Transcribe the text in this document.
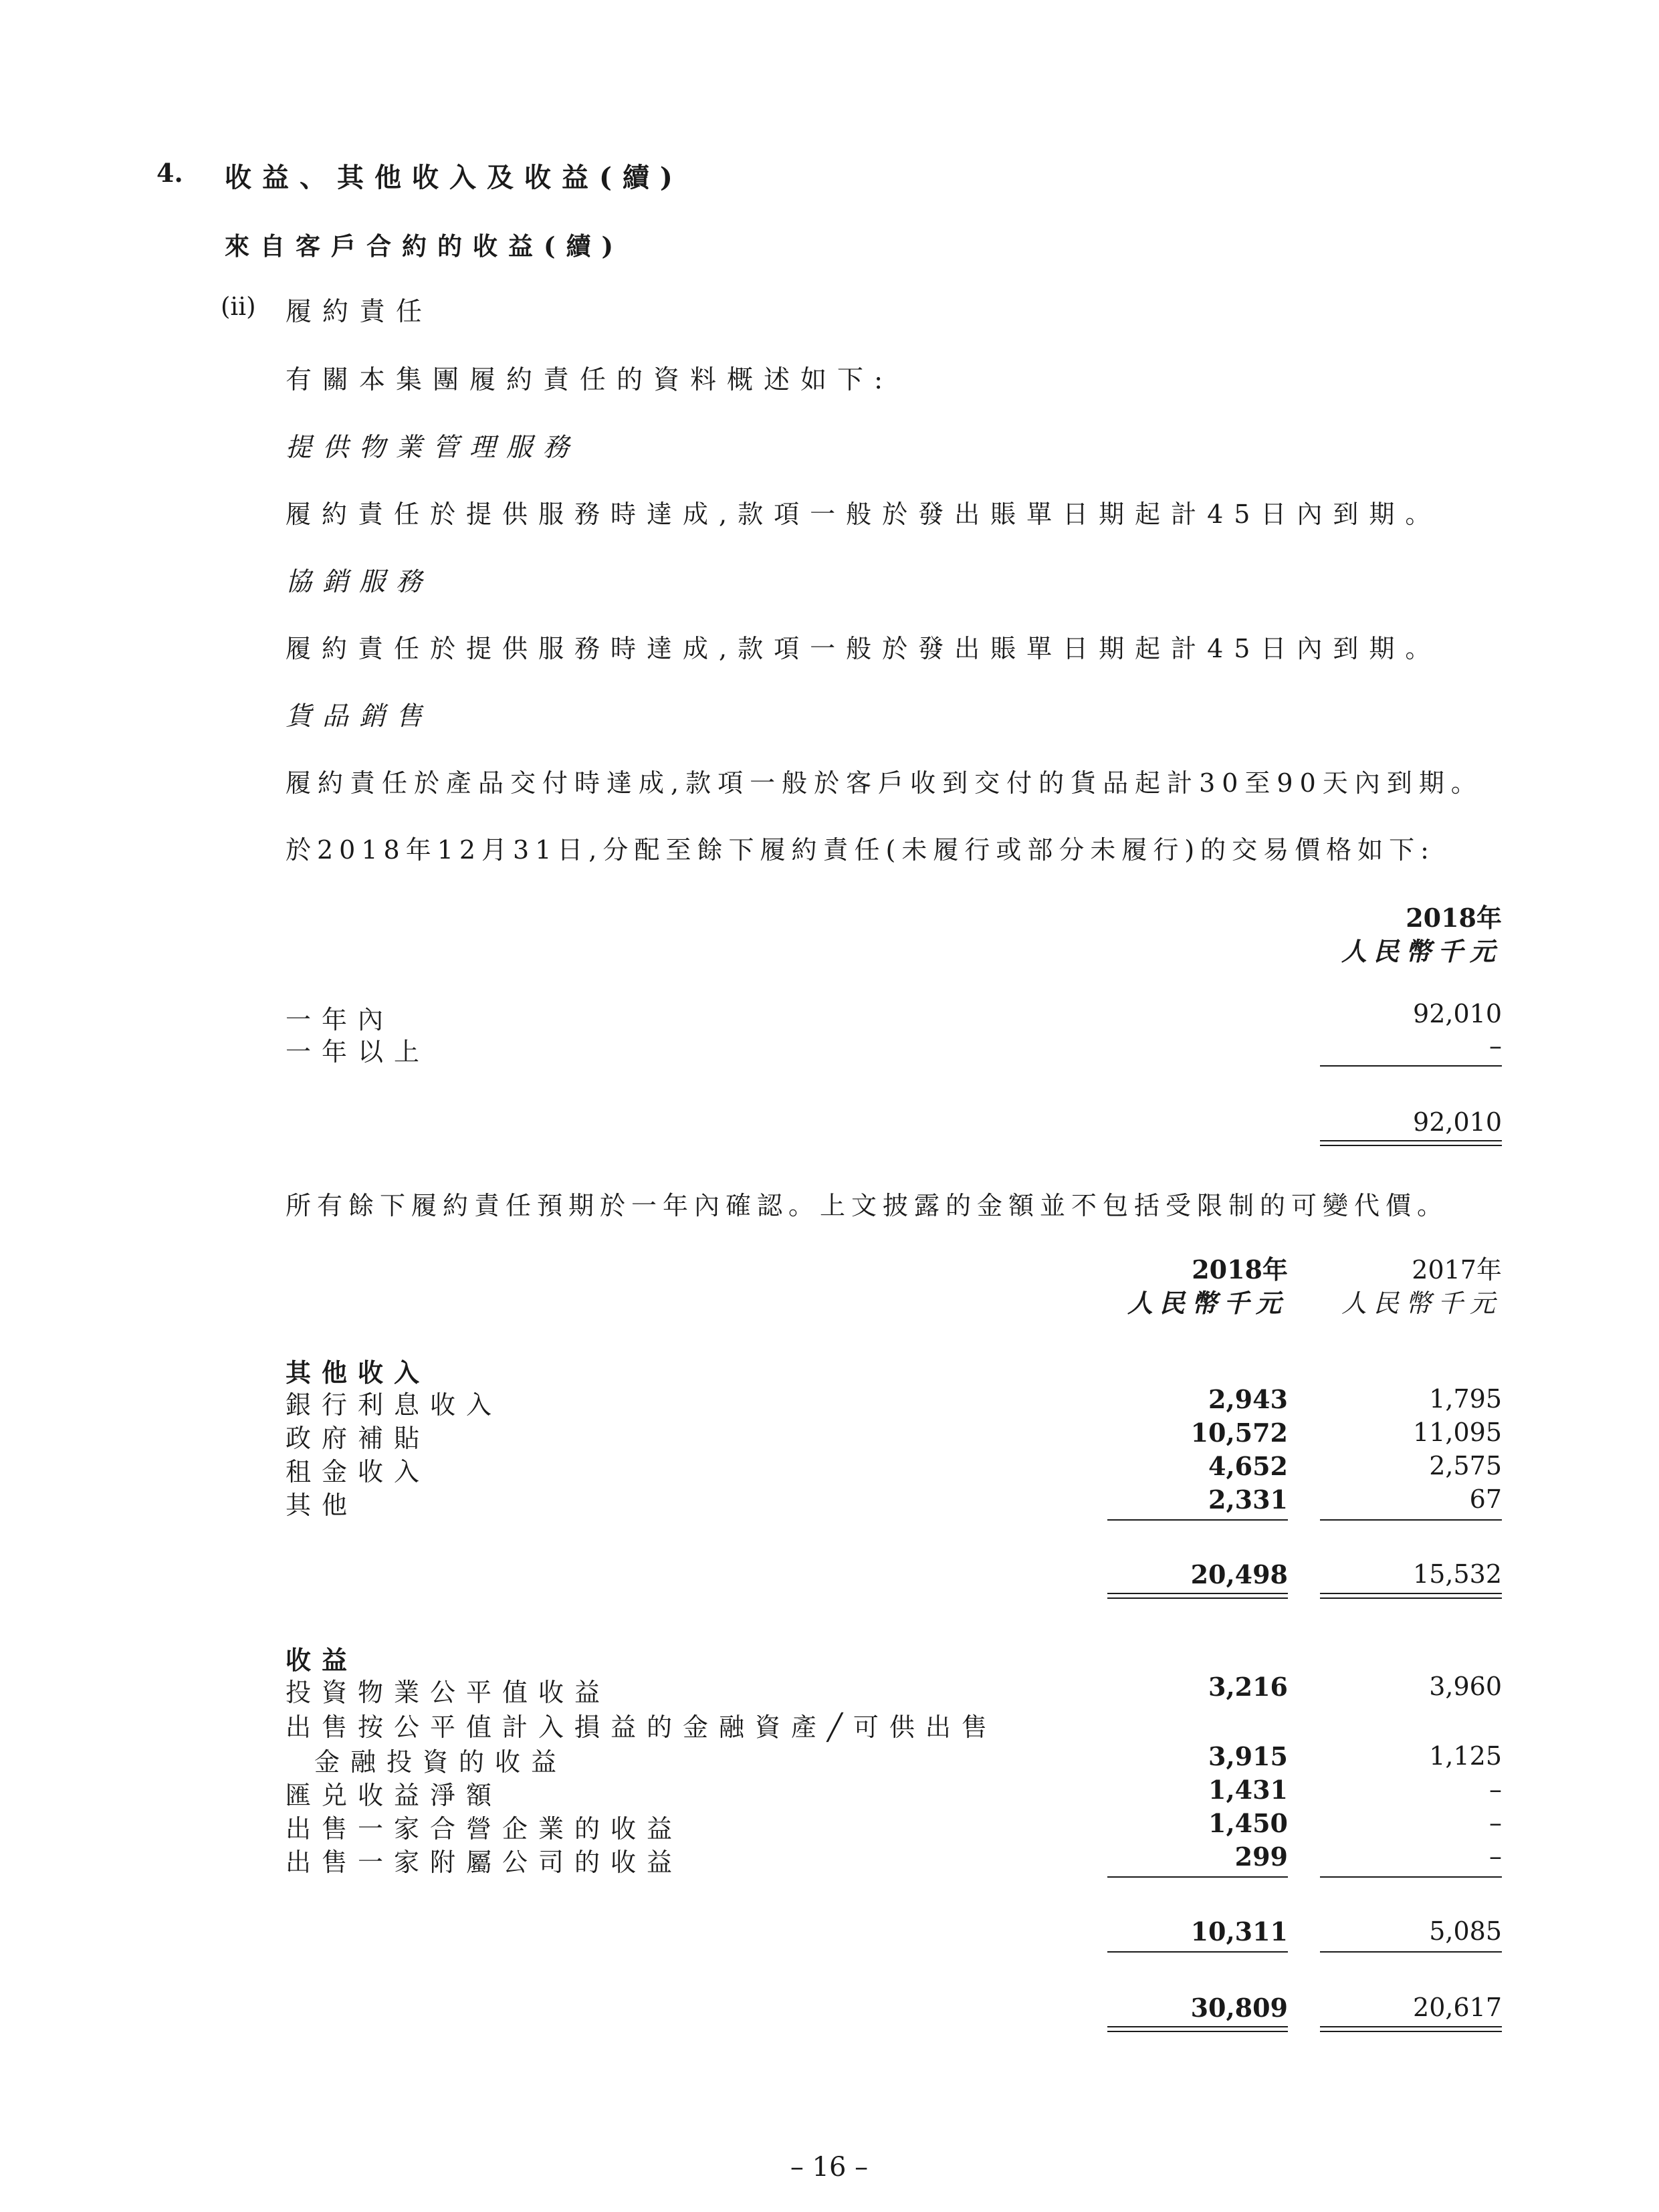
4. 收益、其他收入及收益(續)
來自客戶合約的收益(續)
(ii) 履約責任
有關本集團履約責任的資料概述如下:
提供物業管理服務
履約責任於提供服務時達成,款項一般於發出賬單日期起計45日內到期。
協銷服務
履約責任於提供服務時達成,款項一般於發出賬單日期起計45日內到期。
貨品銷售
履約責任於產品交付時達成,款項一般於客戶收到交付的貨品起計30至90天內到期。
於2018年12月31日,分配至餘下履約責任(未履行或部分未履行)的交易價格如下:
2018年
人民幣千元
一年內	92,010
一年以上	–
92,010
所有餘下履約責任預期於一年內確認。上文披露的金額並不包括受限制的可變代價。
2018年
人民幣千元
2017年
人民幣千元
其他收入
銀行利息收入	2,943	1,795
政府補貼	10,572	11,095
租金收入	4,652	2,575
其他	2,331	67
20,498	15,532
收益
投資物業公平值收益	3,216	3,960
出售按公平值計入損益的金融資產╱可供出售
金融投資的收益	3,915	1,125
匯兑收益淨額	1,431	–
出售一家合營企業的收益	1,450	–
出售一家附屬公司的收益	299	–
10,311	5,085
30,809	20,617
– 16 –
